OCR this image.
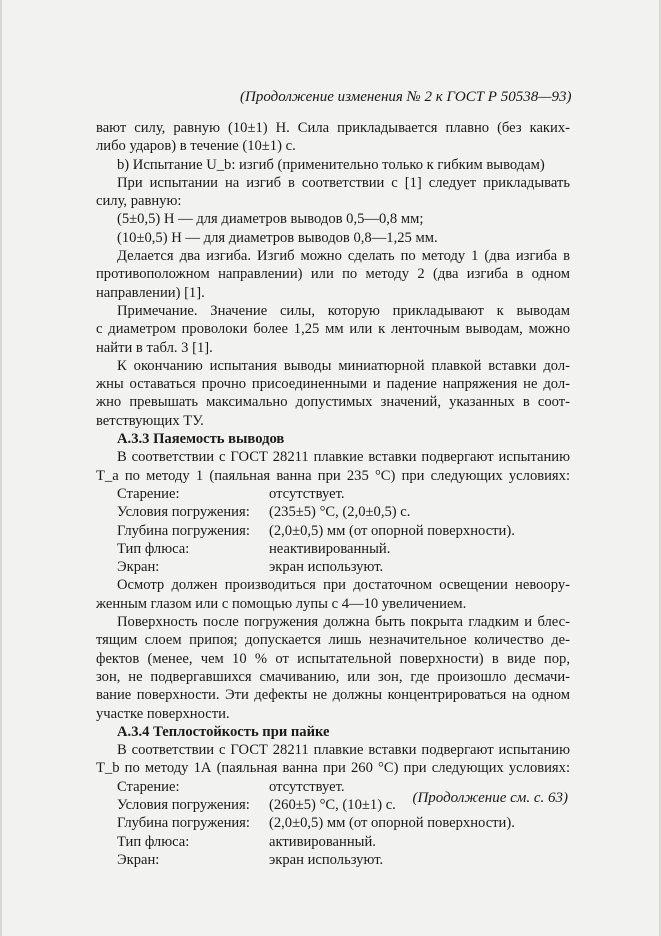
(Продолжение изменения № 2 к ГОСТ Р 50538—93)
вают силу, равную (10±1) Н. Сила прикладывается плавно (без каких-
либо ударов) в течение (10±1) с.
b) Испытание U_b: изгиб (применительно только к гибким выводам)
При испытании на изгиб в соответствии с [1] следует прикладывать
силу, равную:
(5±0,5) Н — для диаметров выводов 0,5—0,8 мм;
(10±0,5) Н — для диаметров выводов 0,8—1,25 мм.
Делается два изгиба. Изгиб можно сделать по методу 1 (два изгиба в
противоположном направлении) или по методу 2 (два изгиба в одном
направлении) [1].
Примечание. Значение силы, которую прикладывают к выводам
с диаметром проволоки более 1,25 мм или к ленточным выводам, можно
найти в табл. 3 [1].
К окончанию испытания выводы миниатюрной плавкой вставки дол-
жны оставаться прочно присоединенными и падение напряжения не дол-
жно превышать максимально допустимых значений, указанных в соот-
ветствующих ТУ.
А.3.3 Паяемость выводов
В соответствии с ГОСТ 28211 плавкие вставки подвергают испытанию
T_a по методу 1 (паяльная ванна при 235 °С) при следующих условиях:
Старение:	отсутствует.
Условия погружения:	(235±5) °С, (2,0±0,5) с.
Глубина погружения:	(2,0±0,5) мм (от опорной поверхности).
Тип флюса:	неактивированный.
Экран:	экран используют.
Осмотр должен производиться при достаточном освещении невоору-
женным глазом или с помощью лупы с 4—10 увеличением.
Поверхность после погружения должна быть покрыта гладким и блес-
тящим слоем припоя; допускается лишь незначительное количество де-
фектов (менее, чем 10 % от испытательной поверхности) в виде пор,
зон, не подвергавшихся смачиванию, или зон, где произошло десмачи-
вание поверхности. Эти дефекты не должны концентрироваться на одном
участке поверхности.
А.3.4 Теплостойкость при пайке
В соответствии с ГОСТ 28211 плавкие вставки подвергают испытанию
T_b по методу 1А (паяльная ванна при 260 °С) при следующих условиях:
Старение:	отсутствует.
Условия погружения:	(260±5) °С, (10±1) с.
Глубина погружения:	(2,0±0,5) мм (от опорной поверхности).
Тип флюса:	активированный.
Экран:	экран используют.
(Продолжение см. с. 63)
